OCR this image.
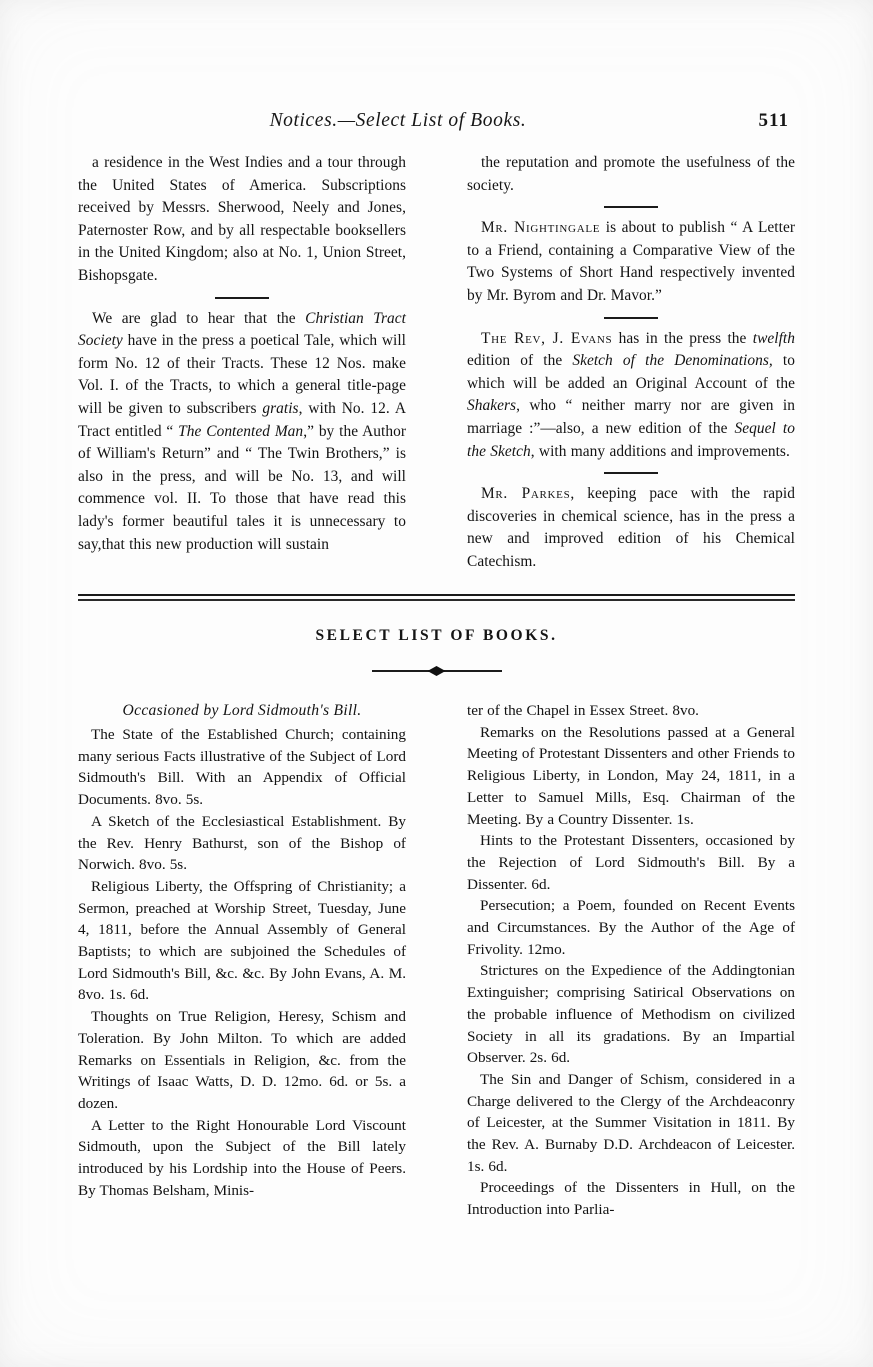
Notices.—Select List of Books.	511

a residence in the West Indies and a tour through the United States of America. Subscriptions received by Messrs. Sherwood, Neely and Jones, Paternoster Row, and by all respectable booksellers in the United Kingdom; also at No. 1, Union Street, Bishopsgate.

We are glad to hear that the Christian Tract Society have in the press a poetical Tale, which will form No. 12 of their Tracts. These 12 Nos. make Vol. I. of the Tracts, to which a general title-page will be given to subscribers gratis, with No. 12. A Tract entitled “ The Contented Man,” by the Author of William's Return” and “ The Twin Brothers,” is also in the press, and will be No. 13, and will commence vol. II. To those that have read this lady's former beautiful tales it is unnecessary to say,that this new production will sustain

the reputation and promote the usefulness of the society.

Mr. Nightingale is about to publish “ A Letter to a Friend, containing a Comparative View of the Two Systems of Short Hand respectively invented by Mr. Byrom and Dr. Mavor.”

The Rev, J. Evans has in the press the twelfth edition of the Sketch of the Denominations, to which will be added an Original Account of the Shakers, who “ neither marry nor are given in marriage :”—also, a new edition of the Sequel to the Sketch, with many additions and improvements.

Mr. Parkes, keeping pace with the rapid discoveries in chemical science, has in the press a new and improved edition of his Chemical Catechism.

SELECT LIST OF BOOKS.
Occasioned by Lord Sidmouth's Bill.

The State of the Established Church; containing many serious Facts illustrative of the Subject of Lord Sidmouth's Bill. With an Appendix of Official Documents. 8vo. 5s.

A Sketch of the Ecclesiastical Establishment. By the Rev. Henry Bathurst, son of the Bishop of Norwich. 8vo. 5s.

Religious Liberty, the Offspring of Christianity; a Sermon, preached at Worship Street, Tuesday, June 4, 1811, before the Annual Assembly of General Baptists; to which are subjoined the Schedules of Lord Sidmouth's Bill, &c. &c. By John Evans, A. M. 8vo. 1s. 6d.

Thoughts on True Religion, Heresy, Schism and Toleration. By John Milton. To which are added Remarks on Essentials in Religion, &c. from the Writings of Isaac Watts, D. D. 12mo. 6d. or 5s. a dozen.

A Letter to the Right Honourable Lord Viscount Sidmouth, upon the Subject of the Bill lately introduced by his Lordship into the House of Peers. By Thomas Belsham, Minis-

ter of the Chapel in Essex Street. 8vo.

Remarks on the Resolutions passed at a General Meeting of Protestant Dissenters and other Friends to Religious Liberty, in London, May 24, 1811, in a Letter to Samuel Mills, Esq. Chairman of the Meeting. By a Country Dissenter. 1s.

Hints to the Protestant Dissenters, occasioned by the Rejection of Lord Sidmouth's Bill. By a Dissenter. 6d.

Persecution; a Poem, founded on Recent Events and Circumstances. By the Author of the Age of Frivolity. 12mo.

Strictures on the Expedience of the Addingtonian Extinguisher; comprising Satirical Observations on the probable influence of Methodism on civilized Society in all its gradations. By an Impartial Observer. 2s. 6d.

The Sin and Danger of Schism, considered in a Charge delivered to the Clergy of the Archdeaconry of Leicester, at the Summer Visitation in 1811. By the Rev. A. Burnaby D.D. Archdeacon of Leicester. 1s. 6d.

Proceedings of the Dissenters in Hull, on the Introduction into Parlia-
